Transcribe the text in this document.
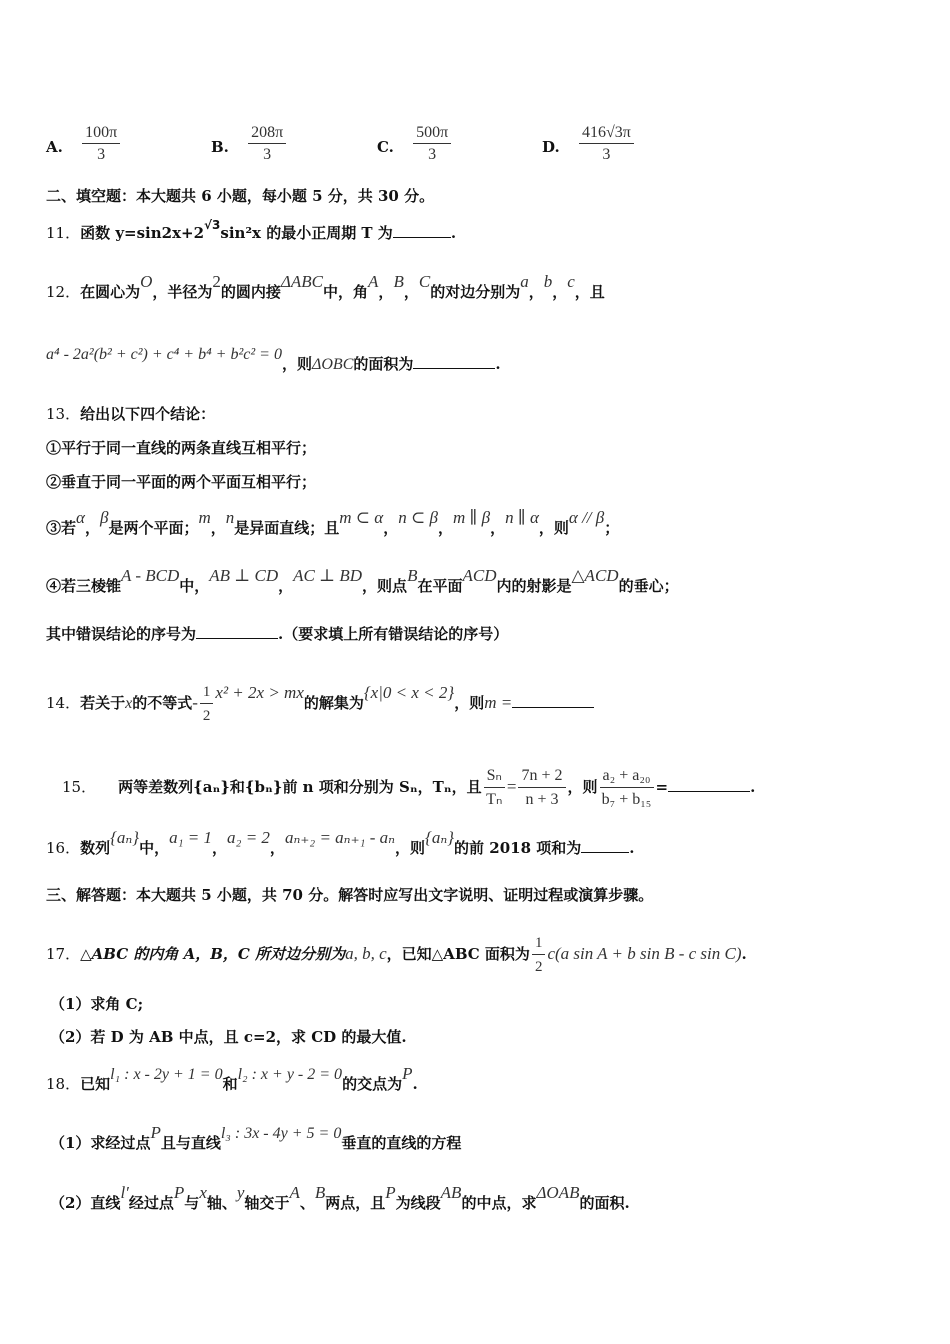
A. $\frac{100\pi}{3}$	B. $\frac{208\pi}{3}$	C. $\frac{500\pi}{3}$	D. $\frac{416√3\pi}{3}$
二、填空题：本大题共 6 小题，每小题 5 分，共 30 分。
11．函数 $y=\sin 2x+2^{√3}\sin^2x$ 的最小正周期 T 为	.
12．在圆心为O，半径为2的圆内接ΔABC中，角A，B，C的对边分别为a，b，c，且
a⁴ - 2a²(b² + c²) + c⁴ + b⁴ + b²c² = 0，则ΔOBC的面积为	.
13．给出以下四个结论：
①平行于同一直线的两条直线互相平行；
②垂直于同一平面的两个平面互相平行；
③若α，β是两个平面；m，n是异面直线；且m ⊂ α，n ⊂ β，m ∥ β，n ∥ α，则α // β；
④若三棱锥A - BCD中，AB ⊥ CD，AC ⊥ BD，则点B在平面ACD内的射影是△ACD的垂心；
其中错误结论的序号为	.（要求填上所有错误结论的序号）
14．若关于x的不等式- $\frac{1}{2} x^2 + 2x$ > mx的解集为{x|0 < x < 2}，则m =
15． 两等差数列{aₙ}和{bₙ}前 n 项和分别为 Sₙ，Tₙ，且 $\frac{\text{Sₙ}}{\text{Tₙ}} = \frac{7n + 2}{n + 3}$ ，则 $\frac{\text{a₂ + a₂₀}}{\text{b₇ + b₁₅}}$ =	.
16．数列{aₙ}中，a₁ = 1，a₂ = 2，aₙ₊₂ = aₙ₊₁ - aₙ，则{aₙ}的前 2018 项和为	.
三、解答题：本大题共 5 小题，共 70 分。解答时应写出文字说明、证明过程或演算步骤。
17．△ABC 的内角 A，B，C 所对边分别为a, b, c，已知△ABC 面积为 $\frac{1}{2} c(a$ sin A + b sin B - c sin C).
（1）求角 C;
（2）若 D 为 AB 中点，且 c=2，求 CD 的最大值.
18．已知l₁ : x - 2y + 1 = 0和l₂ : x + y - 2 = 0的交点为P.
（1）求经过点P且与直线l₃ : 3x - 4y + 5 = 0垂直的直线的方程
（2）直线l′经过点P与x轴、y轴交于A、B两点，且P为线段AB的中点，求ΔOAB的面积.
